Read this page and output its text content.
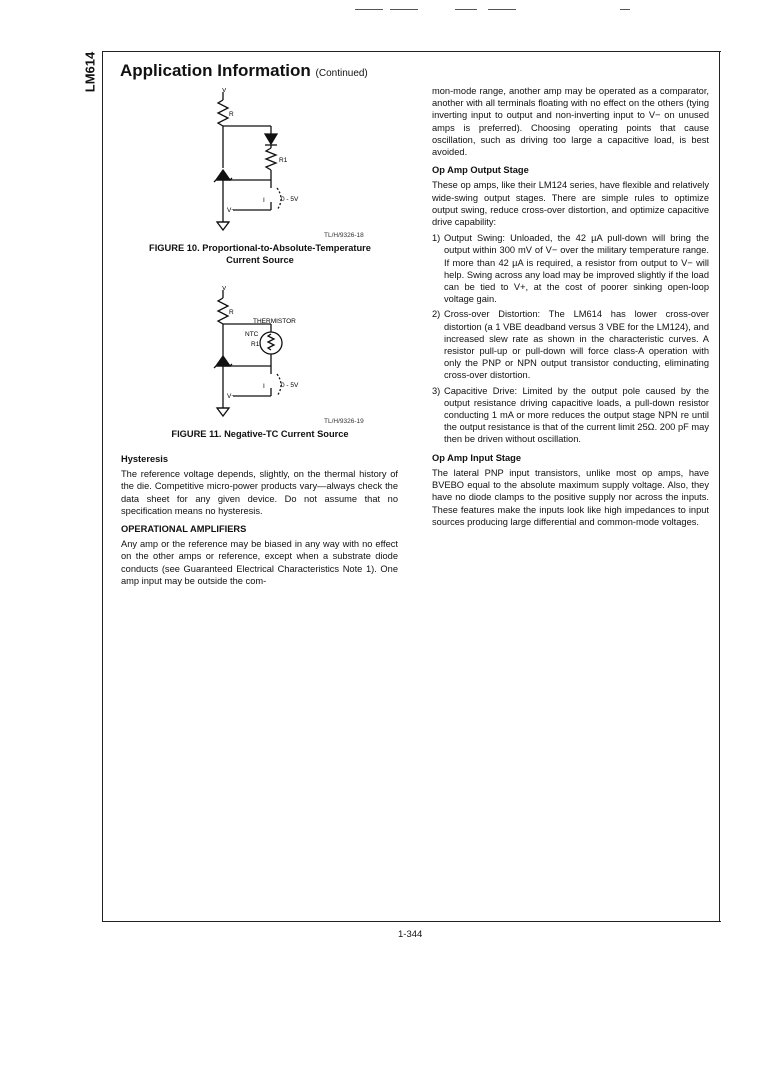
LM614 Application Information (Continued)
V
R
R1
I
V−
0 - 5V
TL/H/9326-18
FIGURE 10. Proportional-to-Absolute-Temperature
Current Source
V
R
THERMISTOR
NTC
R1
I
V−
0 - 5V
TL/H/9326-19
FIGURE 11. Negative-TC Current Source
Hysteresis

The reference voltage depends, slightly, on the thermal history of the die. Competitive micro-power products vary—always check the data sheet for any given device. Do not assume that no specification means no hysteresis.

OPERATIONAL AMPLIFIERS

Any amp or the reference may be biased in any way with no effect on the other amps or reference, except when a substrate diode conducts (see Guaranteed Electrical Characteristics Note 1). One amp input may be outside the com-

mon-mode range, another amp may be operated as a comparator, another with all terminals floating with no effect on the others (tying inverting input to output and non-inverting input to V− on unused amps is preferred). Choosing operating points that cause oscillation, such as driving too large a capacitive load, is best avoided.

Op Amp Output Stage

These op amps, like their LM124 series, have flexible and relatively wide-swing output stages. There are simple rules to optimize output swing, reduce cross-over distortion, and optimize capacitive drive capability:

1) Output Swing: Unloaded, the 42 µA pull-down will bring the output within 300 mV of V− over the military temperature range. If more than 42 µA is required, a resistor from output to V− will help. Swing across any load may be improved slightly if the load can be tied to V+, at the cost of poorer sinking open-loop voltage gain.
2) Cross-over Distortion: The LM614 has lower cross-over distortion (a 1 VBE deadband versus 3 VBE for the LM124), and increased slew rate as shown in the characteristic curves. A resistor pull-up or pull-down will force class-A operation with only the PNP or NPN output transistor conducting, eliminating cross-over distortion.
3) Capacitive Drive: Limited by the output pole caused by the output resistance driving capacitive loads, a pull-down resistor conducting 1 mA or more reduces the output stage NPN re until the output resistance is that of the current limit 25Ω. 200 pF may then be driven without oscillation.
Op Amp Input Stage

The lateral PNP input transistors, unlike most op amps, have BVEBO equal to the absolute maximum supply voltage. Also, they have no diode clamps to the positive supply nor across the inputs. These features make the inputs look like high impedances to input sources producing large differential and common-mode voltages.

1-344
